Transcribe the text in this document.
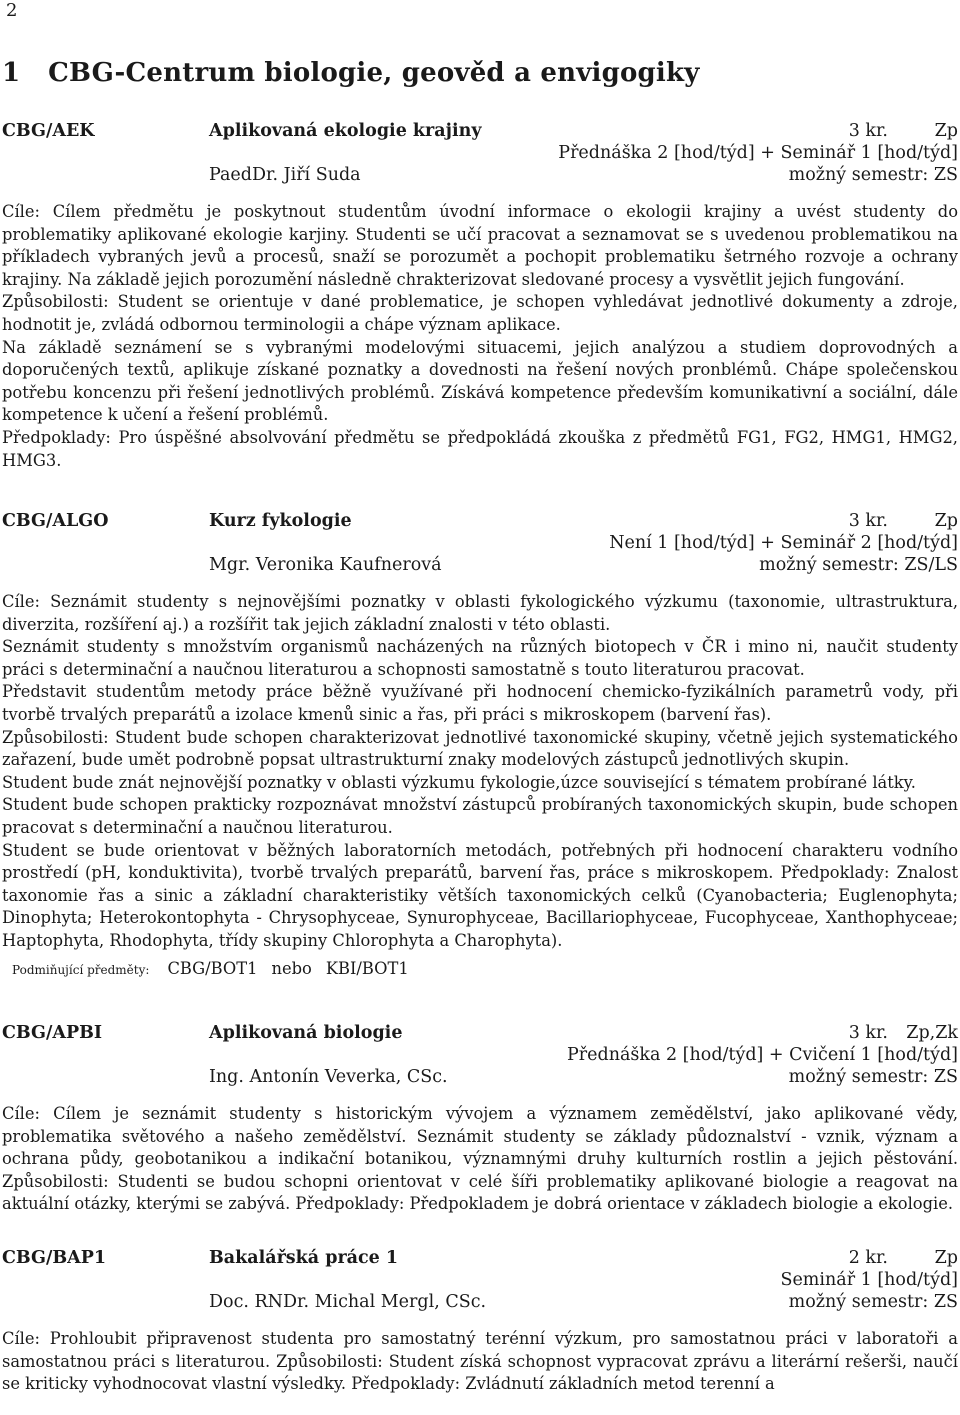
2
1 CBG-Centrum biologie, geověd a envigogiky
CBG/AEK	Aplikovaná ekologie krajiny	3 kr.	Zp
Přednáška 2 [hod/týd] + Seminář 1 [hod/týd]
PaedDr. Jiří Suda	možný semestr: ZS

Cíle: Cílem předmětu je poskytnout studentům úvodní informace o ekologii krajiny a uvést studenty do problematiky aplikované ekologie karjiny. Studenti se učí pracovat a seznamovat se s uvedenou problematikou na příkladech vybraných jevů a procesů, snaží se porozumět a pochopit problematiku šetrného rozvoje a ochrany krajiny. Na základě jejich porozumění následně chrakterizovat sledované procesy a vysvětlit jejich fungování.

Způsobilosti: Student se orientuje v dané problematice, je schopen vyhledávat jednotlivé dokumenty a zdroje, hodnotit je, zvládá odbornou terminologii a chápe význam aplikace.

Na základě seznámení se s vybranými modelovými situacemi, jejich analýzou a studiem doprovodných a doporučených textů, aplikuje získané poznatky a dovednosti na řešení nových pronblémů. Chápe společenskou potřebu koncenzu při řešení jednotlivých problémů. Získává kompetence především komunikativní a sociální, dále kompetence k učení a řešení problémů.

Předpoklady: Pro úspěšné absolvování předmětu se předpokládá zkouška z předmětů FG1, FG2, HMG1, HMG2, HMG3.

CBG/ALGO	Kurz fykologie	3 kr.	Zp
Není 1 [hod/týd] + Seminář 2 [hod/týd]
Mgr. Veronika Kaufnerová	možný semestr: ZS/LS

Cíle: Seznámit studenty s nejnovějšími poznatky v oblasti fykologického výzkumu (taxonomie, ultrastruktura, diverzita, rozšíření aj.) a rozšířit tak jejich základní znalosti v této oblasti.

Seznámit studenty s množstvím organismů nacházených na různých biotopech v ČR i mino ni, naučit studenty práci s determinační a naučnou literaturou a schopnosti samostatně s touto literaturou pracovat.

Představit studentům metody práce běžně využívané při hodnocení chemicko-fyzikálních parametrů vody, při tvorbě trvalých preparátů a izolace kmenů sinic a řas, při práci s mikroskopem (barvení řas).

Způsobilosti: Student bude schopen charakterizovat jednotlivé taxonomické skupiny, včetně jejich systematického zařazení, bude umět podrobně popsat ultrastrukturní znaky modelových zástupců jednotlivých skupin.

Student bude znát nejnovější poznatky v oblasti výzkumu fykologie,úzce související s tématem probírané látky.

Student bude schopen prakticky rozpoznávat množství zástupců probíraných taxonomických skupin, bude schopen pracovat s determinační a naučnou literaturou.

Student se bude orientovat v běžných laboratorních metodách, potřebných při hodnocení charakteru vodního prostředí (pH, konduktivita), tvorbě trvalých preparátů, barvení řas, práce s mikroskopem. Předpoklady: Znalost taxonomie řas a sinic a základní charakteristiky větších taxonomických celků (Cyanobacteria; Euglenophyta; Dinophyta; Heterokontophyta - Chrysophyceae, Synurophyceae, Bacillariophyceae, Fucophyceae, Xanthophyceae; Haptophyta, Rhodophyta, třídy skupiny Chlorophyta a Charophyta).

Podmiňující předměty: CBG/BOT1 nebo KBI/BOT1
CBG/APBI	Aplikovaná biologie	3 kr. Zp,Zk
Přednáška 2 [hod/týd] + Cvičení 1 [hod/týd]
Ing. Antonín Veverka, CSc.	možný semestr: ZS

Cíle: Cílem je seznámit studenty s historickým vývojem a významem zemědělství, jako aplikované vědy, problematika světového a našeho zemědělství. Seznámit studenty se základy půdoznalství - vznik, význam a ochrana půdy, geobotanikou a indikační botanikou, významnými druhy kulturních rostlin a jejich pěstování. Způsobilosti: Studenti se budou schopni orientovat v celé šíři problematiky aplikované biologie a reagovat na aktuální otázky, kterými se zabývá. Předpoklady: Předpokladem je dobrá orientace v základech biologie a ekologie.

CBG/BAP1	Bakalářská práce 1	2 kr.	Zp
Seminář 1 [hod/týd]
Doc. RNDr. Michal Mergl, CSc.	možný semestr: ZS

Cíle: Prohloubit připravenost studenta pro samostatný terénní výzkum, pro samostatnou práci v laboratoři a samostatnou práci s literaturou. Způsobilosti: Student získá schopnost vypracovat zprávu a literární rešerši, naučí se kriticky vyhodnocovat vlastní výsledky. Předpoklady: Zvládnutí základních metod terenní a
